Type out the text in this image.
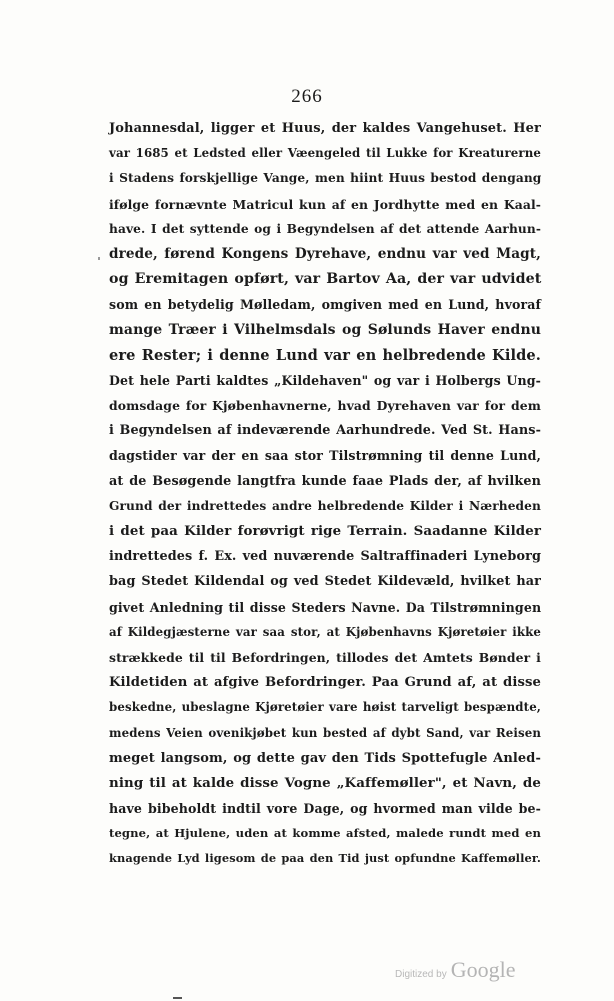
266
Johannesdal, ligger et Huus, der kaldes Vangehuset. Her
var 1685 et Ledsted eller Væengeled til Lukke for Kreaturerne
i Stadens forskjellige Vange, men hiint Huus bestod dengang
ifølge fornævnte Matricul kun af en Jordhytte med en Kaal-
have. I det syttende og i Begyndelsen af det attende Aarhun-
drede, førend Kongens Dyrehave, endnu var ved Magt,
og Eremitagen opført, var Bartov Aa, der var udvidet
som en betydelig Mølledam, omgiven med en Lund, hvoraf
mange Træer i Vilhelmsdals og Sølunds Haver endnu
ere Rester; i denne Lund var en helbredende Kilde.
Det hele Parti kaldtes „Kildehaven" og var i Holbergs Ung-
domsdage for Kjøbenhavnerne, hvad Dyrehaven var for dem
i Begyndelsen af indeværende Aarhundrede. Ved St. Hans-
dagstider var der en saa stor Tilstrømning til denne Lund,
at de Besøgende langtfra kunde faae Plads der, af hvilken
Grund der indrettedes andre helbredende Kilder i Nærheden
i det paa Kilder forøvrigt rige Terrain. Saadanne Kilder
indrettedes f. Ex. ved nuværende Saltraffinaderi Lyneborg
bag Stedet Kildendal og ved Stedet Kildevæld, hvilket har
givet Anledning til disse Steders Navne. Da Tilstrømningen
af Kildegjæsterne var saa stor, at Kjøbenhavns Kjøretøier ikke
strækkede til til Befordringen, tillodes det Amtets Bønder i
Kildetiden at afgive Befordringer. Paa Grund af, at disse
beskedne, ubeslagne Kjøretøier vare høist tarveligt bespændte,
medens Veien ovenikjøbet kun bested af dybt Sand, var Reisen
meget langsom, og dette gav den Tids Spottefugle Anled-
ning til at kalde disse Vogne „Kaffemøller", et Navn, de
have bibeholdt indtil vore Dage, og hvormed man vilde be-
tegne, at Hjulene, uden at komme afsted, malede rundt med en
knagende Lyd ligesom de paa den Tid just opfundne Kaffemøller.
Digitized by Google
